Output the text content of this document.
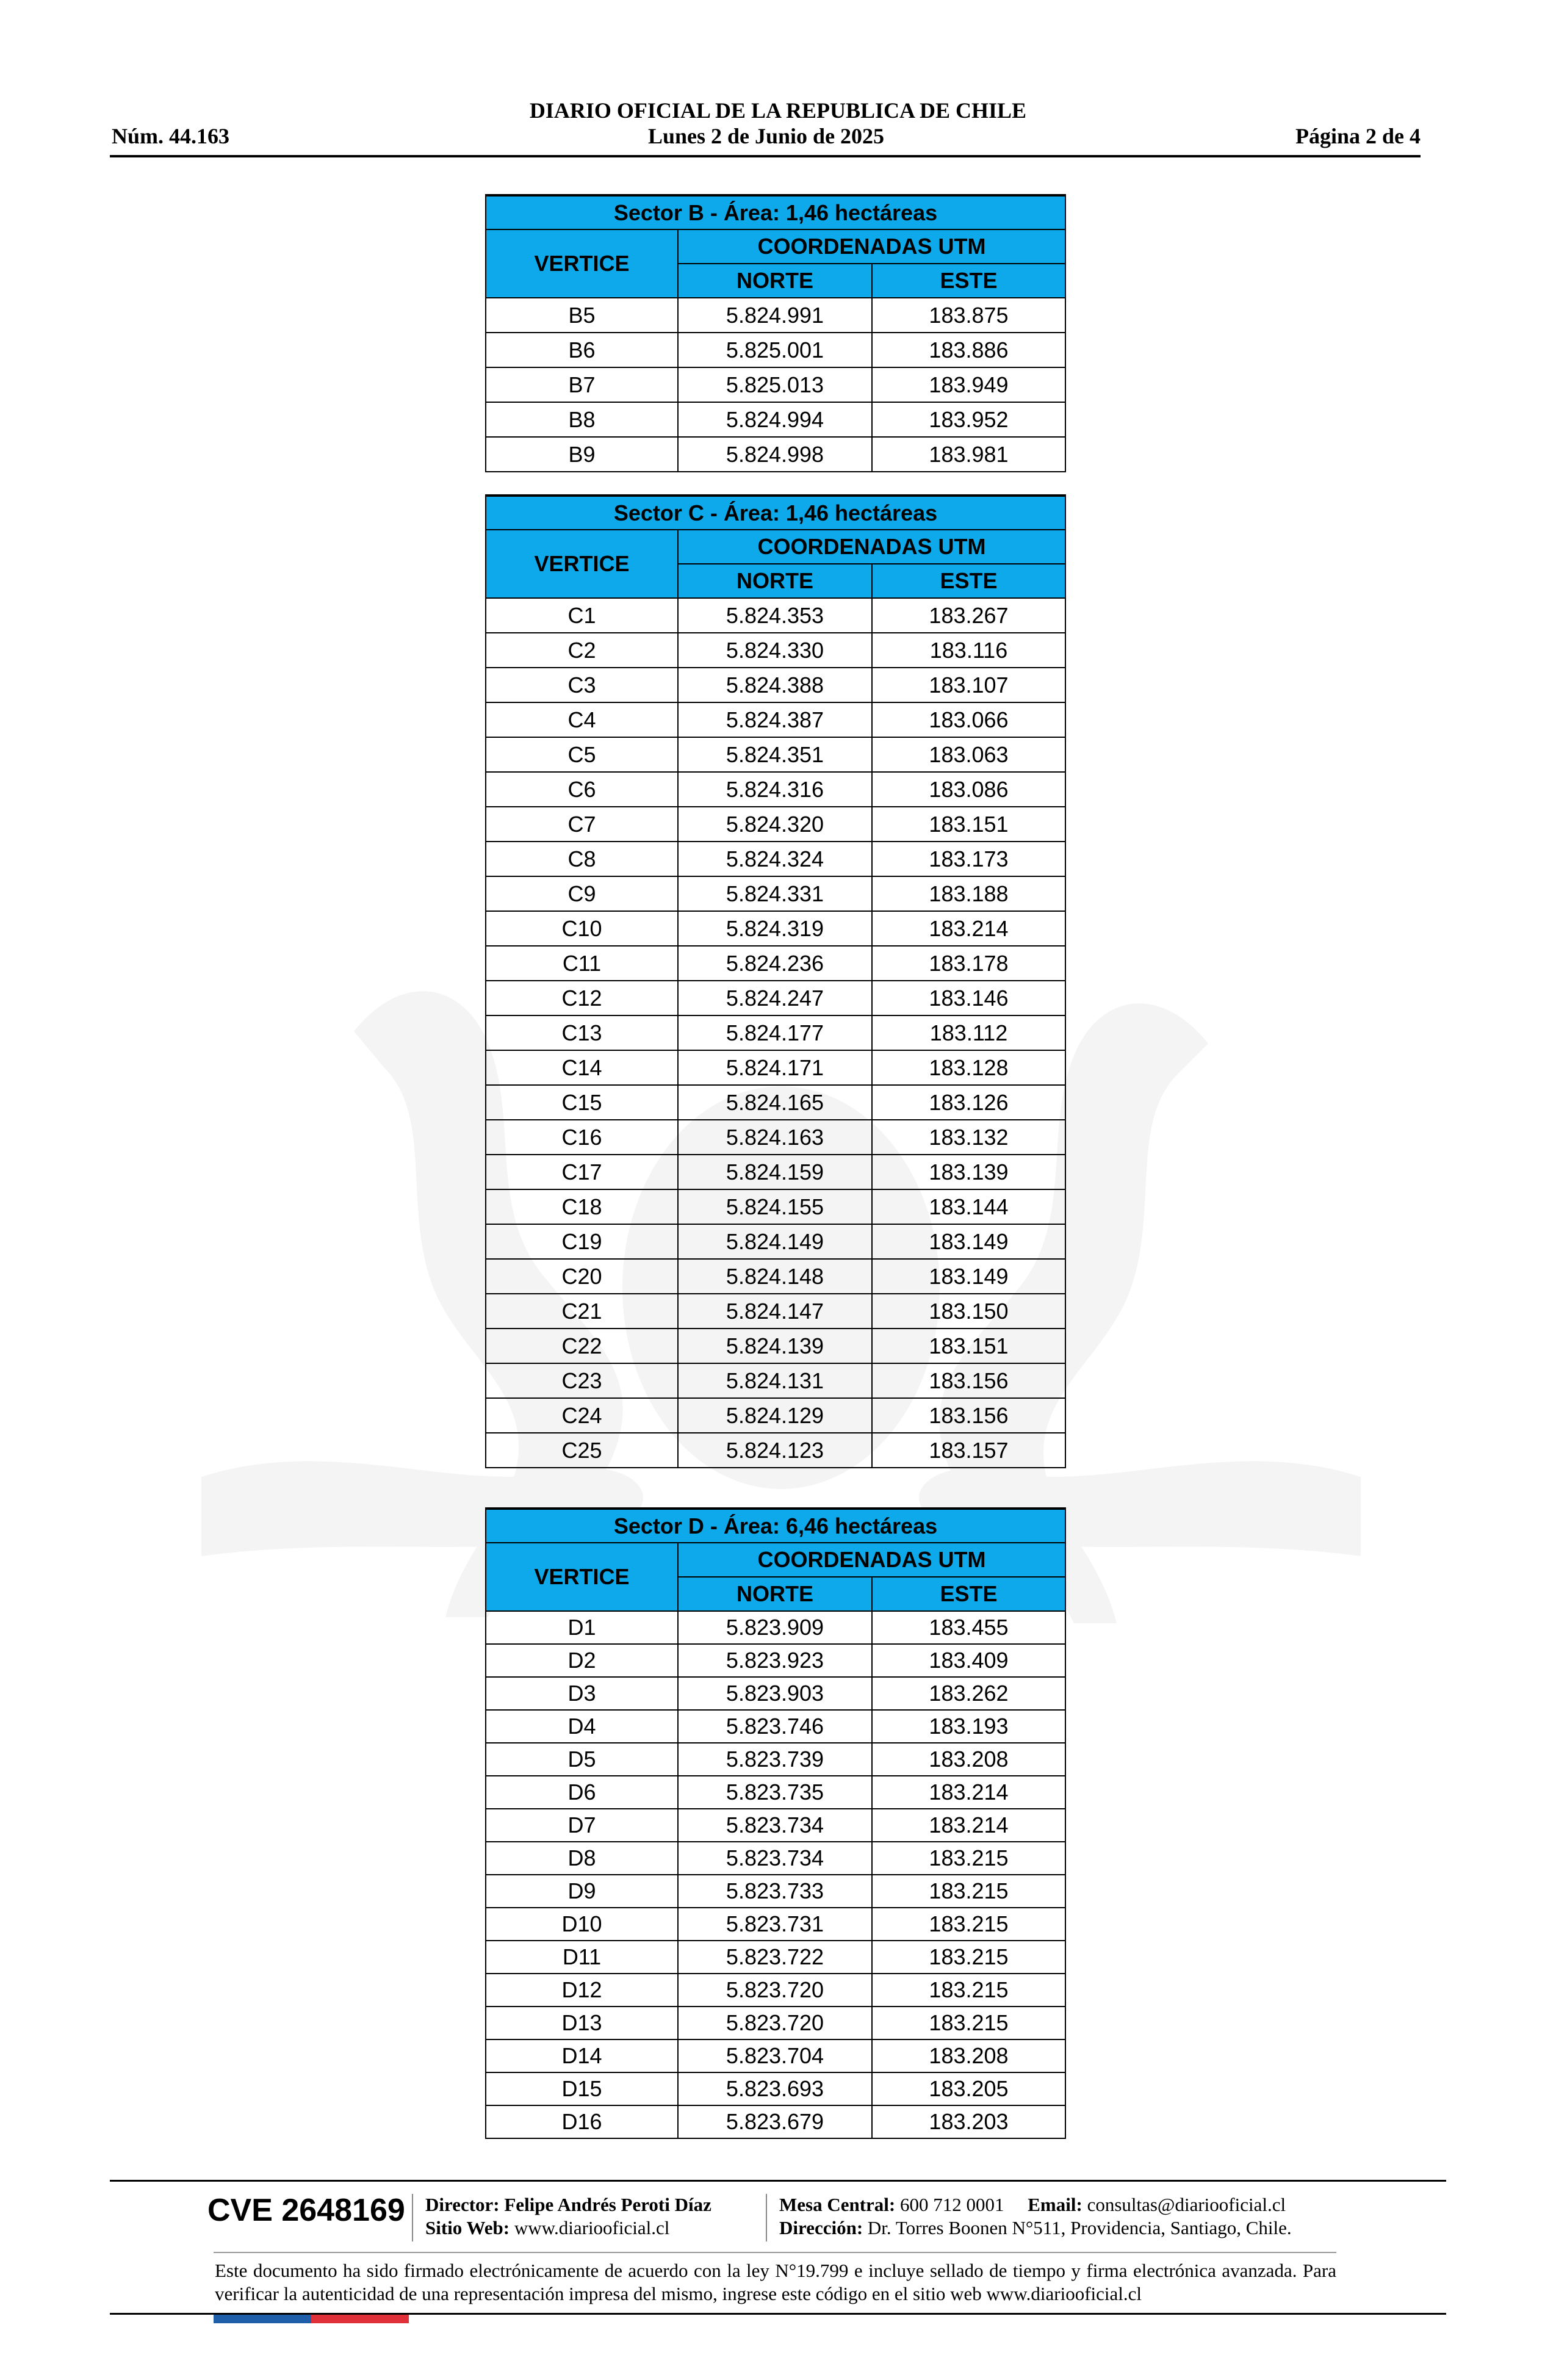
DIARIO OFICIAL DE LA REPUBLICA DE CHILE
Núm. 44.163	Lunes 2 de Junio de 2025	Página 2 de 4
Sector B - Área: 1,46 hectáreas		
VERTICE	COORDENADAS UTM	
	NORTE	ESTE
B5	5.824.991	183.875
B6	5.825.001	183.886
B7	5.825.013	183.949
B8	5.824.994	183.952
B9	5.824.998	183.981
Sector C - Área: 1,46 hectáreas		
VERTICE	COORDENADAS UTM	
	NORTE	ESTE
C1	5.824.353	183.267
C2	5.824.330	183.116
C3	5.824.388	183.107
C4	5.824.387	183.066
C5	5.824.351	183.063
C6	5.824.316	183.086
C7	5.824.320	183.151
C8	5.824.324	183.173
C9	5.824.331	183.188
C10	5.824.319	183.214
C11	5.824.236	183.178
C12	5.824.247	183.146
C13	5.824.177	183.112
C14	5.824.171	183.128
C15	5.824.165	183.126
C16	5.824.163	183.132
C17	5.824.159	183.139
C18	5.824.155	183.144
C19	5.824.149	183.149
C20	5.824.148	183.149
C21	5.824.147	183.150
C22	5.824.139	183.151
C23	5.824.131	183.156
C24	5.824.129	183.156
C25	5.824.123	183.157
Sector D - Área: 6,46 hectáreas		
VERTICE	COORDENADAS UTM	
	NORTE	ESTE
D1	5.823.909	183.455
D2	5.823.923	183.409
D3	5.823.903	183.262
D4	5.823.746	183.193
D5	5.823.739	183.208
D6	5.823.735	183.214
D7	5.823.734	183.214
D8	5.823.734	183.215
D9	5.823.733	183.215
D10	5.823.731	183.215
D11	5.823.722	183.215
D12	5.823.720	183.215
D13	5.823.720	183.215
D14	5.823.704	183.208
D15	5.823.693	183.205
D16	5.823.679	183.203
CVE 2648169 Director: Felipe Andrés Peroti Díaz
Sitio Web: www.diariooficial.cl
Mesa Central: 600 712 0001 Email: consultas@diariooficial.cl
Dirección: Dr. Torres Boonen N°511, Providencia, Santiago, Chile.
Este documento ha sido firmado electrónicamente de acuerdo con la ley N°19.799 e incluye sellado de tiempo y firma electrónica avanzada. Para verificar la autenticidad de una representación impresa del mismo, ingrese este código en el sitio web www.diariooficial.cl
